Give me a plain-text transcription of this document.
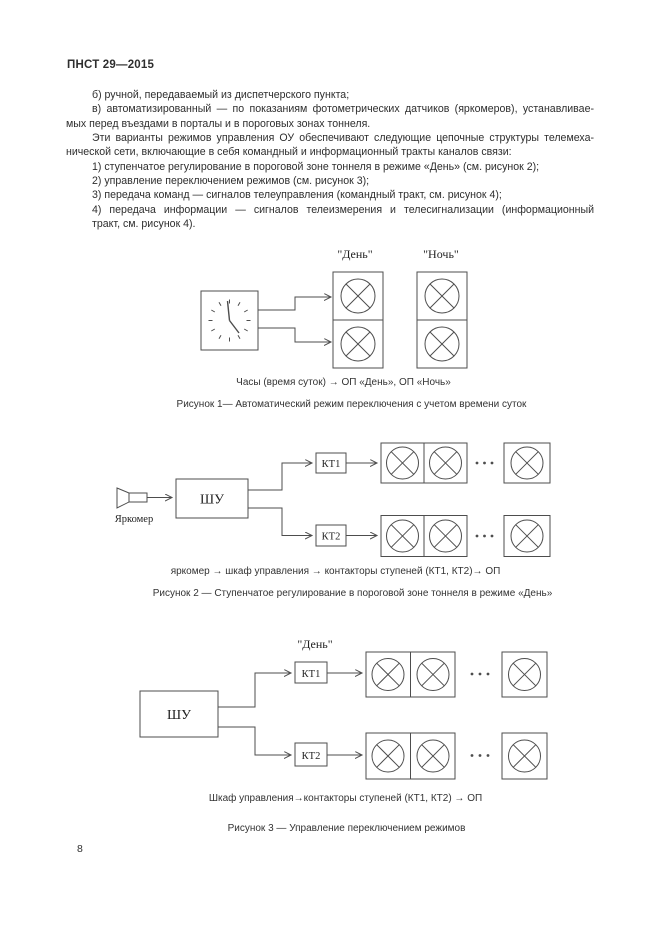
ПНСТ 29—2015
б) ручной, передаваемый из диспетчерского пункта;
в) автоматизированный — по показаниям фотометрических датчиков (яркомеров), устанавливае-
мых перед въездами в порталы и в пороговых зонах тоннеля.
Эти варианты режимов управления ОУ обеспечивают следующие цепочные структуры телемеха-
нической сети, включающие в себя командный и информационный тракты каналов связи:
1) ступенчатое регулирование в пороговой зоне тоннеля в режиме «День» (см. рисунок 2);
2) управление переключением режимов (см. рисунок 3);
3) передача команд — сигналов телеуправления (командный тракт, см. рисунок 4);
4) передача информации — сигналов телеизмерения и телесигнализации (информационный
тракт, см. рисунок 4).
"День"	"Ночь"
Часы (время суток) → ОП «День», ОП «Ночь»
Рисунок 1— Автоматический режим переключения с учетом времени суток
Яркомер
ШУ
КТ1
КТ2
яркомер → шкаф управления → контакторы ступеней (КТ1, КТ2)→ ОП
Рисунок 2 — Ступенчатое регулирование в пороговой зоне тоннеля в режиме «День»
"День"
ШУ
КТ1
КТ2
Шкаф управления→контакторы ступеней (КТ1, КТ2) → ОП
Рисунок 3 — Управление переключением режимов
8
